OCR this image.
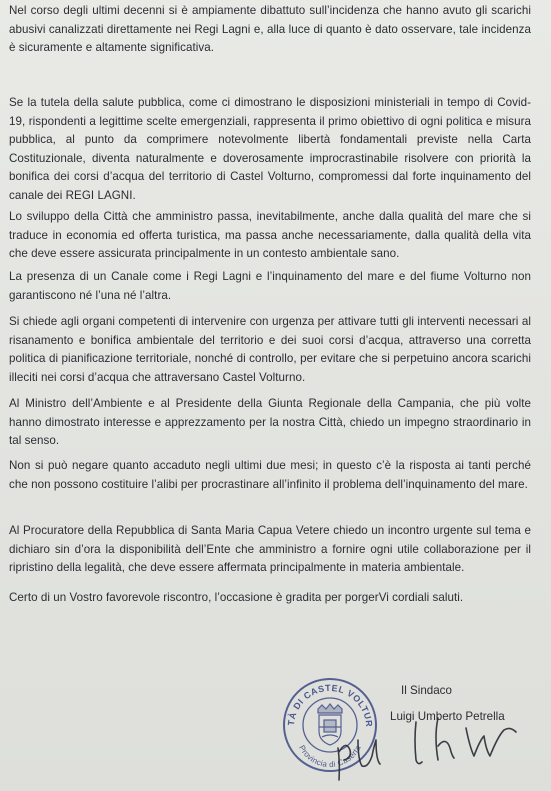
Nel corso degli ultimi decenni si è ampiamente dibattuto sull’incidenza che hanno avuto gli scarichi abusivi canalizzati direttamente nei Regi Lagni e, alla luce di quanto è dato osservare, tale incidenza è sicuramente e altamente significativa.

Se la tutela della salute pubblica, come ci dimostrano le disposizioni ministeriali in tempo di Covid-19, rispondenti a legittime scelte emergenziali, rappresenta il primo obiettivo di ogni politica e misura pubblica, al punto da comprimere notevolmente libertà fondamentali previste nella Carta Costituzionale, diventa naturalmente e doverosamente improcrastinabile risolvere con priorità la bonifica dei corsi d’acqua del territorio di Castel Volturno, compromessi dal forte inquinamento del canale dei REGI LAGNI.

Lo sviluppo della Città che amministro passa, inevitabilmente, anche dalla qualità del mare che si traduce in economia ed offerta turistica, ma passa anche necessariamente, dalla qualità della vita che deve essere assicurata principalmente in un contesto ambientale sano.

La presenza di un Canale come i Regi Lagni e l’inquinamento del mare e del fiume Volturno non garantiscono né l’una né l’altra.

Si chiede agli organi competenti di intervenire con urgenza per attivare tutti gli interventi necessari al risanamento e bonifica ambientale del territorio e dei suoi corsi d’acqua, attraverso una corretta politica di pianificazione territoriale, nonché di controllo, per evitare che si perpetuino ancora scarichi illeciti nei corsi d’acqua che attraversano Castel Volturno.

Al Ministro dell’Ambiente e al Presidente della Giunta Regionale della Campania, che più volte hanno dimostrato interesse e apprezzamento per la nostra Città, chiedo un impegno straordinario in tal senso.

Non si può negare quanto accaduto negli ultimi due mesi; in questo c’è la risposta ai tanti perché che non possono costituire l’alibi per procrastinare all’infinito il problema dell’inquinamento del mare.

Al Procuratore della Repubblica di Santa Maria Capua Vetere chiedo un incontro urgente sul tema e dichiaro sin d’ora la disponibilità dell’Ente che amministro a fornire ogni utile collaborazione per il ripristino della legalità, che deve essere affermata principalmente in materia ambientale.

Certo di un Vostro favorevole riscontro, l’occasione è gradita per porgerVi cordiali saluti.

TÀ DI CASTEL VOLTUR
Provincia di Caserta
Il Sindaco
Luigi Umberto Petrella
